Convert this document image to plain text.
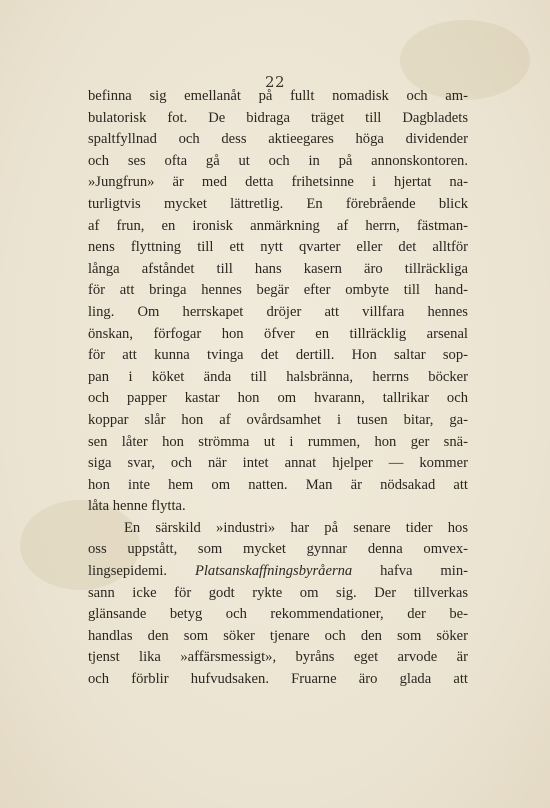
22
befinna sig emellanåt på fullt nomadisk och am-
bulatorisk fot. De bidraga träget till Dagbladets
spaltfyllnad och dess aktieegares höga dividender
och ses ofta gå ut och in på annonskontoren.
»Jungfrun» är med detta frihetsinne i hjertat na-
turligtvis mycket lättretlig. En förebrående blick
af frun, en ironisk anmärkning af herrn, fästman-
nens flyttning till ett nytt qvarter eller det alltför
långa afståndet till hans kasern äro tillräckliga
för att bringa hennes begär efter ombyte till hand-
ling. Om herrskapet dröjer att villfara hennes
önskan, förfogar hon öfver en tillräcklig arsenal
för att kunna tvinga det dertill. Hon saltar sop-
pan i köket ända till halsbränna, herrns böcker
och papper kastar hon om hvarann, tallrikar och
koppar slår hon af ovårdsamhet i tusen bitar, ga-
sen låter hon strömma ut i rummen, hon ger snä-
siga svar, och när intet annat hjelper — kommer
hon inte hem om natten. Man är nödsakad att
låta henne flytta.
En särskild »industri» har på senare tider hos
oss uppstått, som mycket gynnar denna omvex-
lingsepidemi. Platsanskaffningsbyråerna hafva min-
sann icke för godt rykte om sig. Der tillverkas
glänsande betyg och rekommendationer, der be-
handlas den som söker tjenare och den som söker
tjenst lika »affärsmessigt», byråns eget arvode är
och förblir hufvudsaken. Fruarne äro glada att
